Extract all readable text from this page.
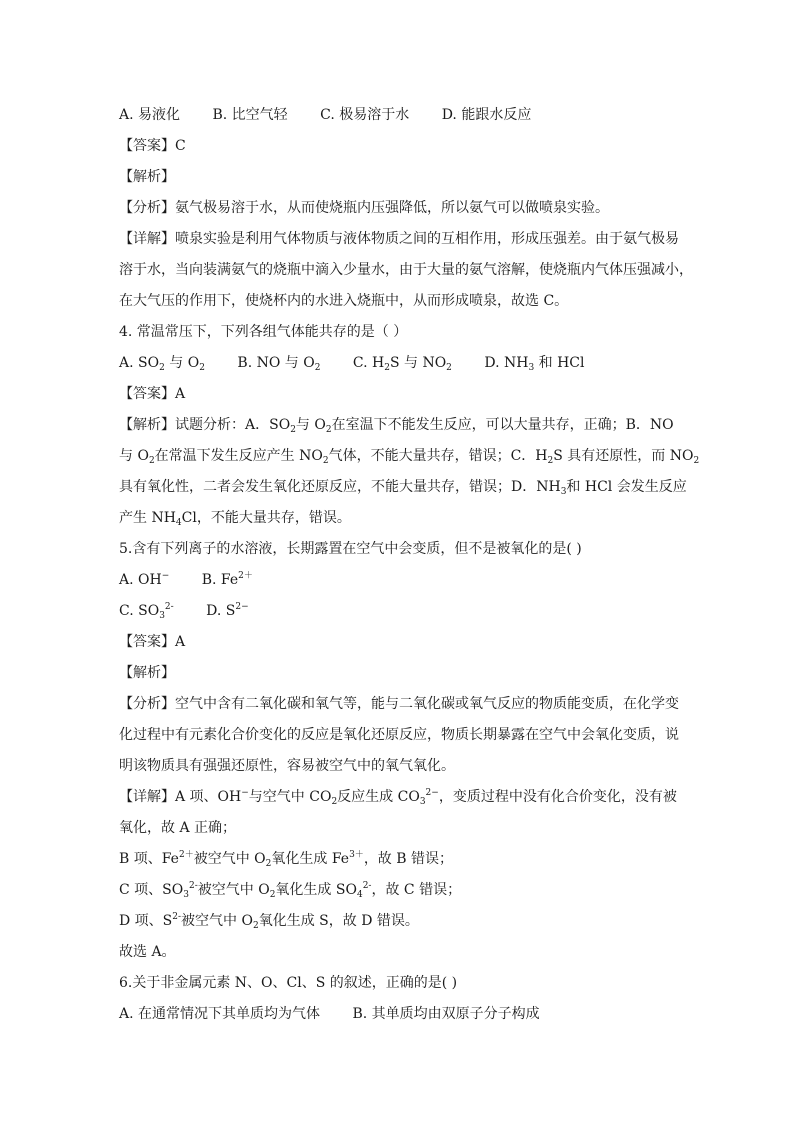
A. 易液化 B. 比空气轻 C. 极易溶于水 D. 能跟水反应
【答案】C
【解析】
【分析】氨气极易溶于水，从而使烧瓶内压强降低，所以氨气可以做喷泉实验。
【详解】喷泉实验是利用气体物质与液体物质之间的互相作用，形成压强差。由于氨气极易
溶于水，当向装满氨气的烧瓶中滴入少量水，由于大量的氨气溶解，使烧瓶内气体压强减小，
在大气压的作用下，使烧杯内的水进入烧瓶中，从而形成喷泉，故选 C。
4. 常温常压下，下列各组气体能共存的是（ ）
A. $SO_2$ 与 $O_2$ B. NO 与 $O_2$ C. $H_2S$ 与 $NO_2$ D. $NH_3$ 和 HCl
【答案】A
【解析】试题分析：A．$SO_2$与 $O_2$在室温下不能发生反应，可以大量共存，正确；B．NO
与 $O_2$在常温下发生反应产生 $NO_2$气体，不能大量共存，错误；C．$H_2S$ 具有还原性，而 $NO_2$
具有氧化性，二者会发生氧化还原反应，不能大量共存，错误；D．$NH_3$和 HCl 会发生反应
产生 $NH_4Cl$，不能大量共存，错误。
5.含有下列离子的水溶液，长期露置在空气中会变质，但不是被氧化的是( )
A. OH− B. $Fe^{2+}$
C. $SO_3^{2-}$ D. $S^{2-}$
【答案】A
【解析】
【分析】空气中含有二氧化碳和氧气等，能与二氧化碳或氧气反应的物质能变质，在化学变
化过程中有元素化合价变化的反应是氧化还原反应，物质长期暴露在空气中会氧化变质，说
明该物质具有强强还原性，容易被空气中的氧气氧化。
【详解】A 项、OH−与空气中 $CO_2$反应生成 $CO_3^{2-}$，变质过程中没有化合价变化，没有被
氧化，故 A 正确；
B 项、$Fe^{2+}$被空气中 $O_2$氧化生成 $Fe^{3+}$，故 B 错误；
C 项、$SO_3^{2-}$被空气中 $O_2$氧化生成 $SO_4^{2-}$，故 C 错误；
D 项、$S^{2-}$被空气中 $O_2$氧化生成 S，故 D 错误。
故选 A。
6.关于非金属元素 N、O、Cl、S 的叙述，正确的是( )
A. 在通常情况下其单质均为气体 B. 其单质均由双原子分子构成
